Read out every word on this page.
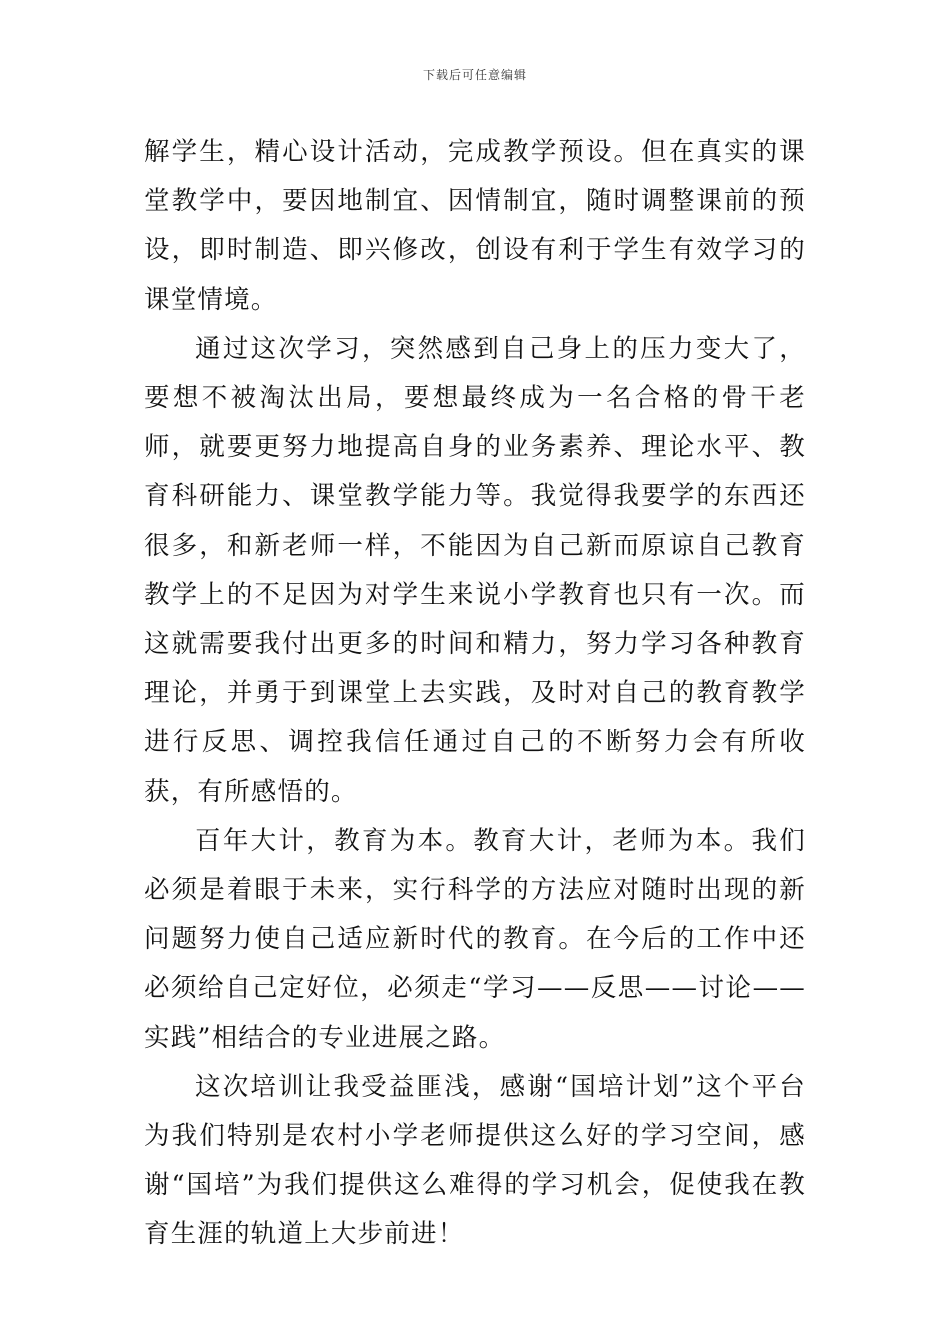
下载后可任意编辑

解学生，精心设计活动，完成教学预设。但在真实的课堂教学中，要因地制宜、因情制宜，随时调整课前的预设，即时制造、即兴修改，创设有利于学生有效学习的课堂情境。

通过这次学习，突然感到自己身上的压力变大了，要想不被淘汰出局，要想最终成为一名合格的骨干老师，就要更努力地提高自身的业务素养、理论水平、教育科研能力、课堂教学能力等。我觉得我要学的东西还很多，和新老师一样，不能因为自己新而原谅自己教育教学上的不足因为对学生来说小学教育也只有一次。而这就需要我付出更多的时间和精力，努力学习各种教育理论，并勇于到课堂上去实践，及时对自己的教育教学进行反思、调控我信任通过自己的不断努力会有所收获，有所感悟的。

百年大计，教育为本。教育大计，老师为本。我们必须是着眼于未来，实行科学的方法应对随时出现的新问题努力使自己适应新时代的教育。在今后的工作中还必须给自己定好位，必须走“学习——反思——讨论——实践”相结合的专业进展之路。

这次培训让我受益匪浅，感谢“国培计划”这个平台为我们特别是农村小学老师提供这么好的学习空间，感谢“国培”为我们提供这么难得的学习机会，促使我在教育生涯的轨道上大步前进！
